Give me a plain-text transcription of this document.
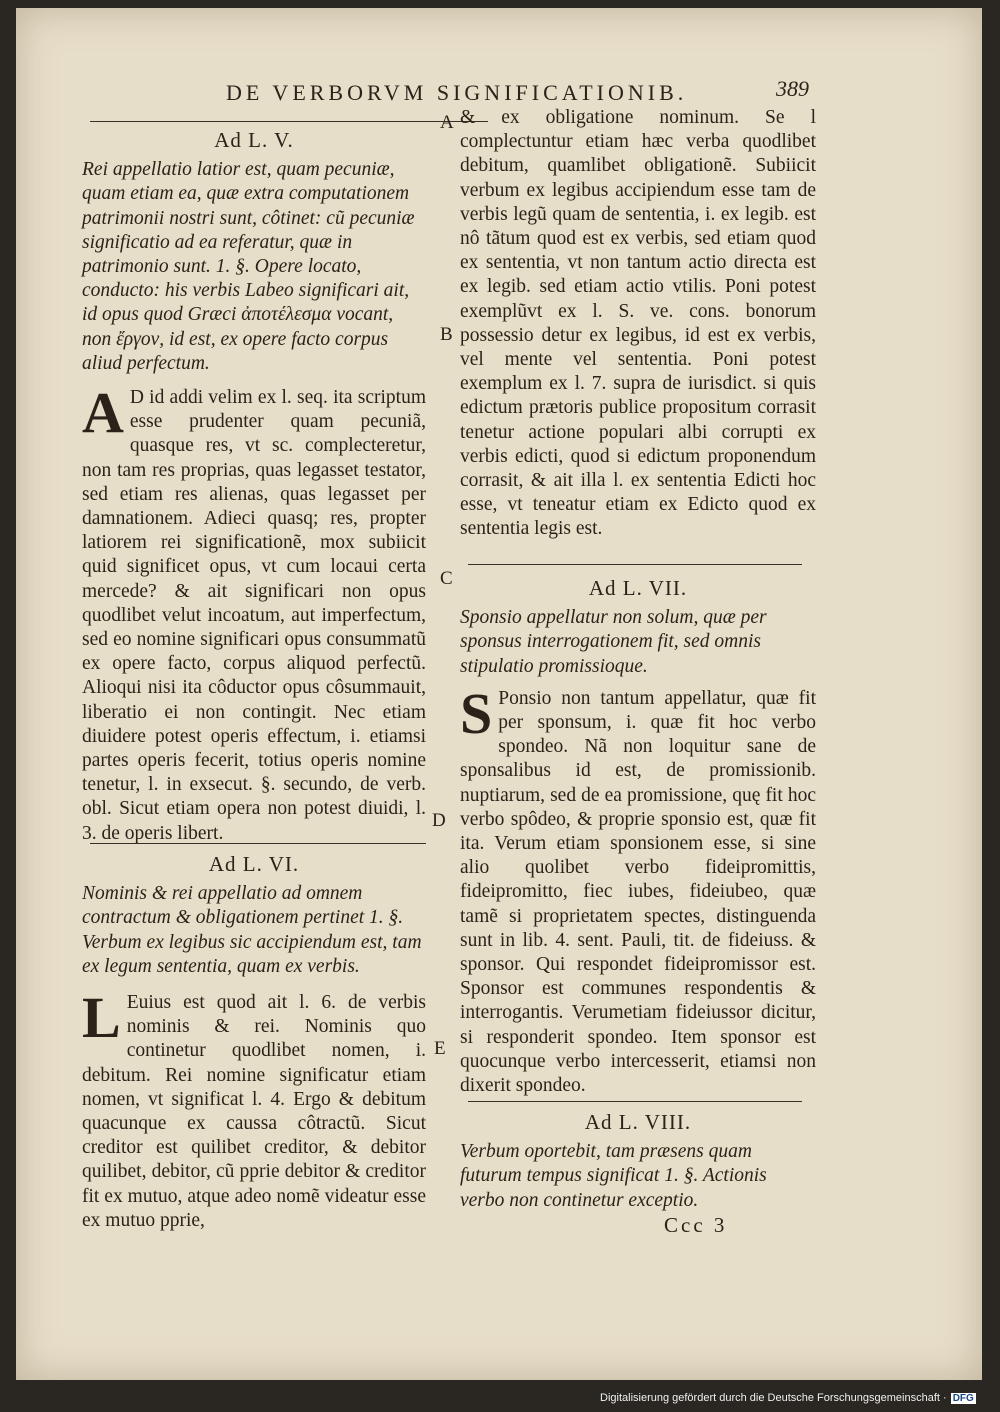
DE VERBORVM SIGNIFICATIONIB.	389
Ad L. V.

Rei appellatio latior est, quam pecuniæ, quam etiam ea, quæ extra computationem patrimonii nostri sunt, côtinet: cũ pecuniæ significatio ad ea referatur, quæ in patrimonio sunt. 1. §. Opere locato, conducto: his verbis Labeo significari ait, id opus quod Græci ἀποτέλεσμα vocant, non ἔργον, id est, ex opere facto corpus aliud perfectum.

A D id addi velim ex l. seq. ita scriptum esse prudenter quam pecuniã, quasque res, vt sc. complecteretur, non tam res proprias, quas legasset testator, sed etiam res alienas, quas legasset per damnationem. Adieci quasq; res, propter latiorem rei significationẽ, mox subiicit quid significet opus, vt cum locaui certa mercede? & ait significari non opus quodlibet velut incoatum, aut imperfectum, sed eo nomine significari opus consummatũ ex opere facto, corpus aliquod perfectũ. Alioqui nisi ita côductor opus côsummauit, liberatio ei non contingit. Nec etiam diuidere potest operis effectum, i. etiamsi partes operis fecerit, totius operis nomine tenetur, l. in exsecut. §. secundo, de verb. obl. Sicut etiam opera non potest diuidi, l. 3. de operis libert.

Ad L. VI.

Nominis & rei appellatio ad omnem contractum & obligationem pertinet 1. §. Verbum ex legibus sic accipiendum est, tam ex legum sententia, quam ex verbis.

L Euius est quod ait l. 6. de verbis nominis & rei. Nominis quo continetur quodlibet nomen, i. debitum. Rei nomine significatur etiam nomen, vt significat l. 4. Ergo & debitum quacunque ex caussa côtractũ. Sicut creditor est quilibet creditor, & debitor quilibet, debitor, cũ pprie debitor & creditor fit ex mutuo, atque adeo nomẽ videatur esse ex mutuo pprie,

A
B
C
D
E

& ex obligatione nominum. Se l complectuntur etiam hæc verba quodlibet debitum, quamlibet obligationẽ. Subiicit verbum ex legibus accipiendum esse tam de verbis legũ quam de sententia, i. ex legib. est nô tãtum quod est ex verbis, sed etiam quod ex sententia, vt non tantum actio directa est ex legib. sed etiam actio vtilis. Poni potest exemplũvt ex l. S. ve. cons. bonorum possessio detur ex legibus, id est ex verbis, vel mente vel sententia. Poni potest exemplum ex l. 7. supra de iurisdict. si quis edictum prætoris publice propositum corrasit tenetur actione populari albi corrupti ex verbis edicti, quod si edictum proponendum corrasit, & ait illa l. ex sententia Edicti hoc esse, vt teneatur etiam ex Edicto quod ex sententia legis est.

Ad L. VII.

Sponsio appellatur non solum, quæ per sponsus interrogationem fit, sed omnis stipulatio promissioque.

S Ponsio non tantum appellatur, quæ fit per sponsum, i. quæ fit hoc verbo spondeo. Nã non loquitur sane de sponsalibus id est, de promissionib. nuptiarum, sed de ea promissione, quę fit hoc verbo spôdeo, & proprie sponsio est, quæ fit ita. Verum etiam sponsionem esse, si sine alio quolibet verbo fideipromittis, fideipromitto, fiec iubes, fideiubeo, quæ tamẽ si proprietatem spectes, distinguenda sunt in lib. 4. sent. Pauli, tit. de fideiuss. & sponsor. Qui respondet fideipromissor est. Sponsor est communes respondentis & interrogantis. Verumetiam fideiussor dicitur, si responderit spondeo. Item sponsor est quocunque verbo intercesserit, etiamsi non dixerit spondeo.

Ad L. VIII.

Verbum oportebit, tam præsens quam futurum tempus significat 1. §. Actionis verbo non continetur exceptio.

Ccc 3
Digitalisierung gefördert durch die Deutsche Forschungsgemeinschaft · DFG
